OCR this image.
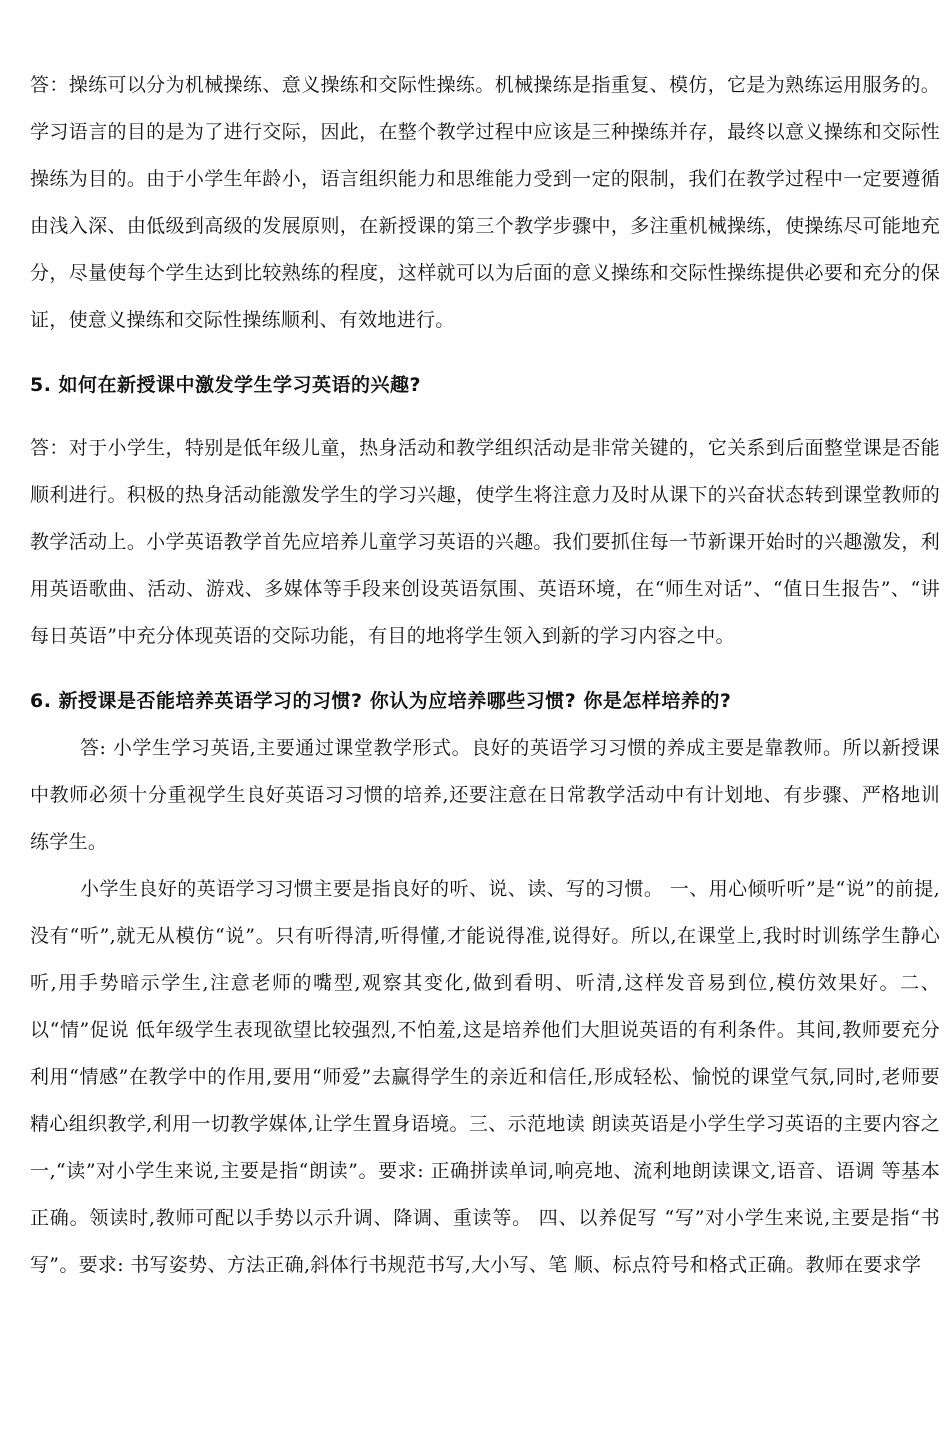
答：操练可以分为机械操练、意义操练和交际性操练。机械操练是指重复、模仿，它是为熟练运用服务的。学习语言的目的是为了进行交际，因此，在整个教学过程中应该是三种操练并存，最终以意义操练和交际性操练为目的。由于小学生年龄小，语言组织能力和思维能力受到一定的限制，我们在教学过程中一定要遵循由浅入深、由低级到高级的发展原则，在新授课的第三个教学步骤中，多注重机械操练，使操练尽可能地充分，尽量使每个学生达到比较熟练的程度，这样就可以为后面的意义操练和交际性操练提供必要和充分的保证，使意义操练和交际性操练顺利、有效地进行。

5. 如何在新授课中激发学生学习英语的兴趣?

答：对于小学生，特别是低年级儿童，热身活动和教学组织活动是非常关键的，它关系到后面整堂课是否能顺利进行。积极的热身活动能激发学生的学习兴趣，使学生将注意力及时从课下的兴奋状态转到课堂教师的教学活动上。小学英语教学首先应培养儿童学习英语的兴趣。我们要抓住每一节新课开始时的兴趣激发，利用英语歌曲、活动、游戏、多媒体等手段来创设英语氛围、英语环境，在“师生对话”、“值日生报告”、“讲每日英语”中充分体现英语的交际功能，有目的地将学生领入到新的学习内容之中。

6. 新授课是否能培养英语学习的习惯? 你认为应培养哪些习惯? 你是怎样培养的?

答: 小学生学习英语,主要通过课堂教学形式。良好的英语学习习惯的养成主要是靠教师。所以新授课中教师必须十分重视学生良好英语习习惯的培养,还要注意在日常教学活动中有计划地、有步骤、严格地训练学生。

小学生良好的英语学习习惯主要是指良好的听、说、读、写的习惯。 一、用心倾听听”是“说”的前提,没有“听”,就无从模仿“说”。只有听得清,听得懂,才能说得准,说得好。所以,在课堂上,我时时训练学生静心听,用手势暗示学生,注意老师的嘴型,观察其变化,做到看明、听清,这样发音易到位,模仿效果好。二、以“情”促说 低年级学生表现欲望比较强烈,不怕羞,这是培养他们大胆说英语的有利条件。其间,教师要充分利用“情感”在教学中的作用,要用“师爱”去赢得学生的亲近和信任,形成轻松、愉悦的课堂气氛,同时,老师要精心组织教学,利用一切教学媒体,让学生置身语境。三、示范地读 朗读英语是小学生学习英语的主要内容之一,“读”对小学生来说,主要是指“朗读”。要求: 正确拼读单词,响亮地、流利地朗读课文,语音、语调 等基本正确。领读时,教师可配以手势以示升调、降调、重读等。 四、以养促写 “写”对小学生来说,主要是指“书写”。要求: 书写姿势、方法正确,斜体行书规范书写,大小写、笔 顺、标点符号和格式正确。教师在要求学
